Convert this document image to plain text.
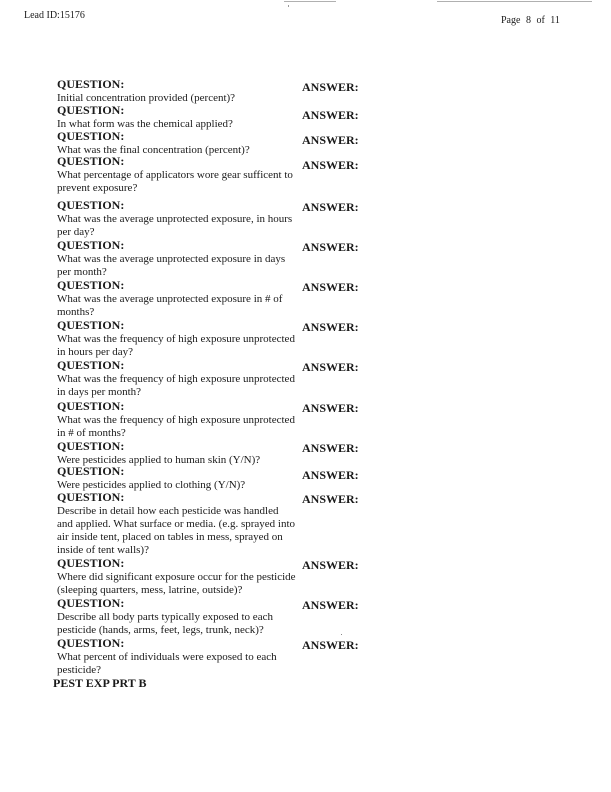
Lead ID:15176	Page 8 of 11
QUESTION:
Initial concentration provided (percent)?
ANSWER:
QUESTION:
In what form was the chemical applied?
ANSWER:
QUESTION:
What was the final concentration (percent)?
ANSWER:
QUESTION:
What percentage of applicators wore gear sufficent to prevent exposure?
ANSWER:
QUESTION:
What was the average unprotected exposure, in hours per day?
ANSWER:
QUESTION:
What was the average unprotected exposure in days per month?
ANSWER:
QUESTION:
What was the average unprotected exposure in # of months?
ANSWER:
QUESTION:
What was the frequency of high exposure unprotected in hours per day?
ANSWER:
QUESTION:
What was the frequency of high exposure unprotected in days per month?
ANSWER:
QUESTION:
What was the frequency of high exposure unprotected in # of months?
ANSWER:
QUESTION:
Were pesticides applied to human skin (Y/N)?
ANSWER:
QUESTION:
Were pesticides applied to clothing (Y/N)?
ANSWER:
QUESTION:
Describe in detail how each pesticide was handled and applied. What surface or media. (e.g. sprayed into air inside tent, placed on tables in mess, sprayed on inside of tent walls)?
ANSWER:
QUESTION:
Where did significant exposure occur for the pesticide (sleeping quarters, mess, latrine, outside)?
ANSWER:
QUESTION:
Describe all body parts typically exposed to each pesticide (hands, arms, feet, legs, trunk, neck)?
ANSWER:
QUESTION:
What percent of individuals were exposed to each pesticide?
ANSWER:
PEST EXP PRT B
